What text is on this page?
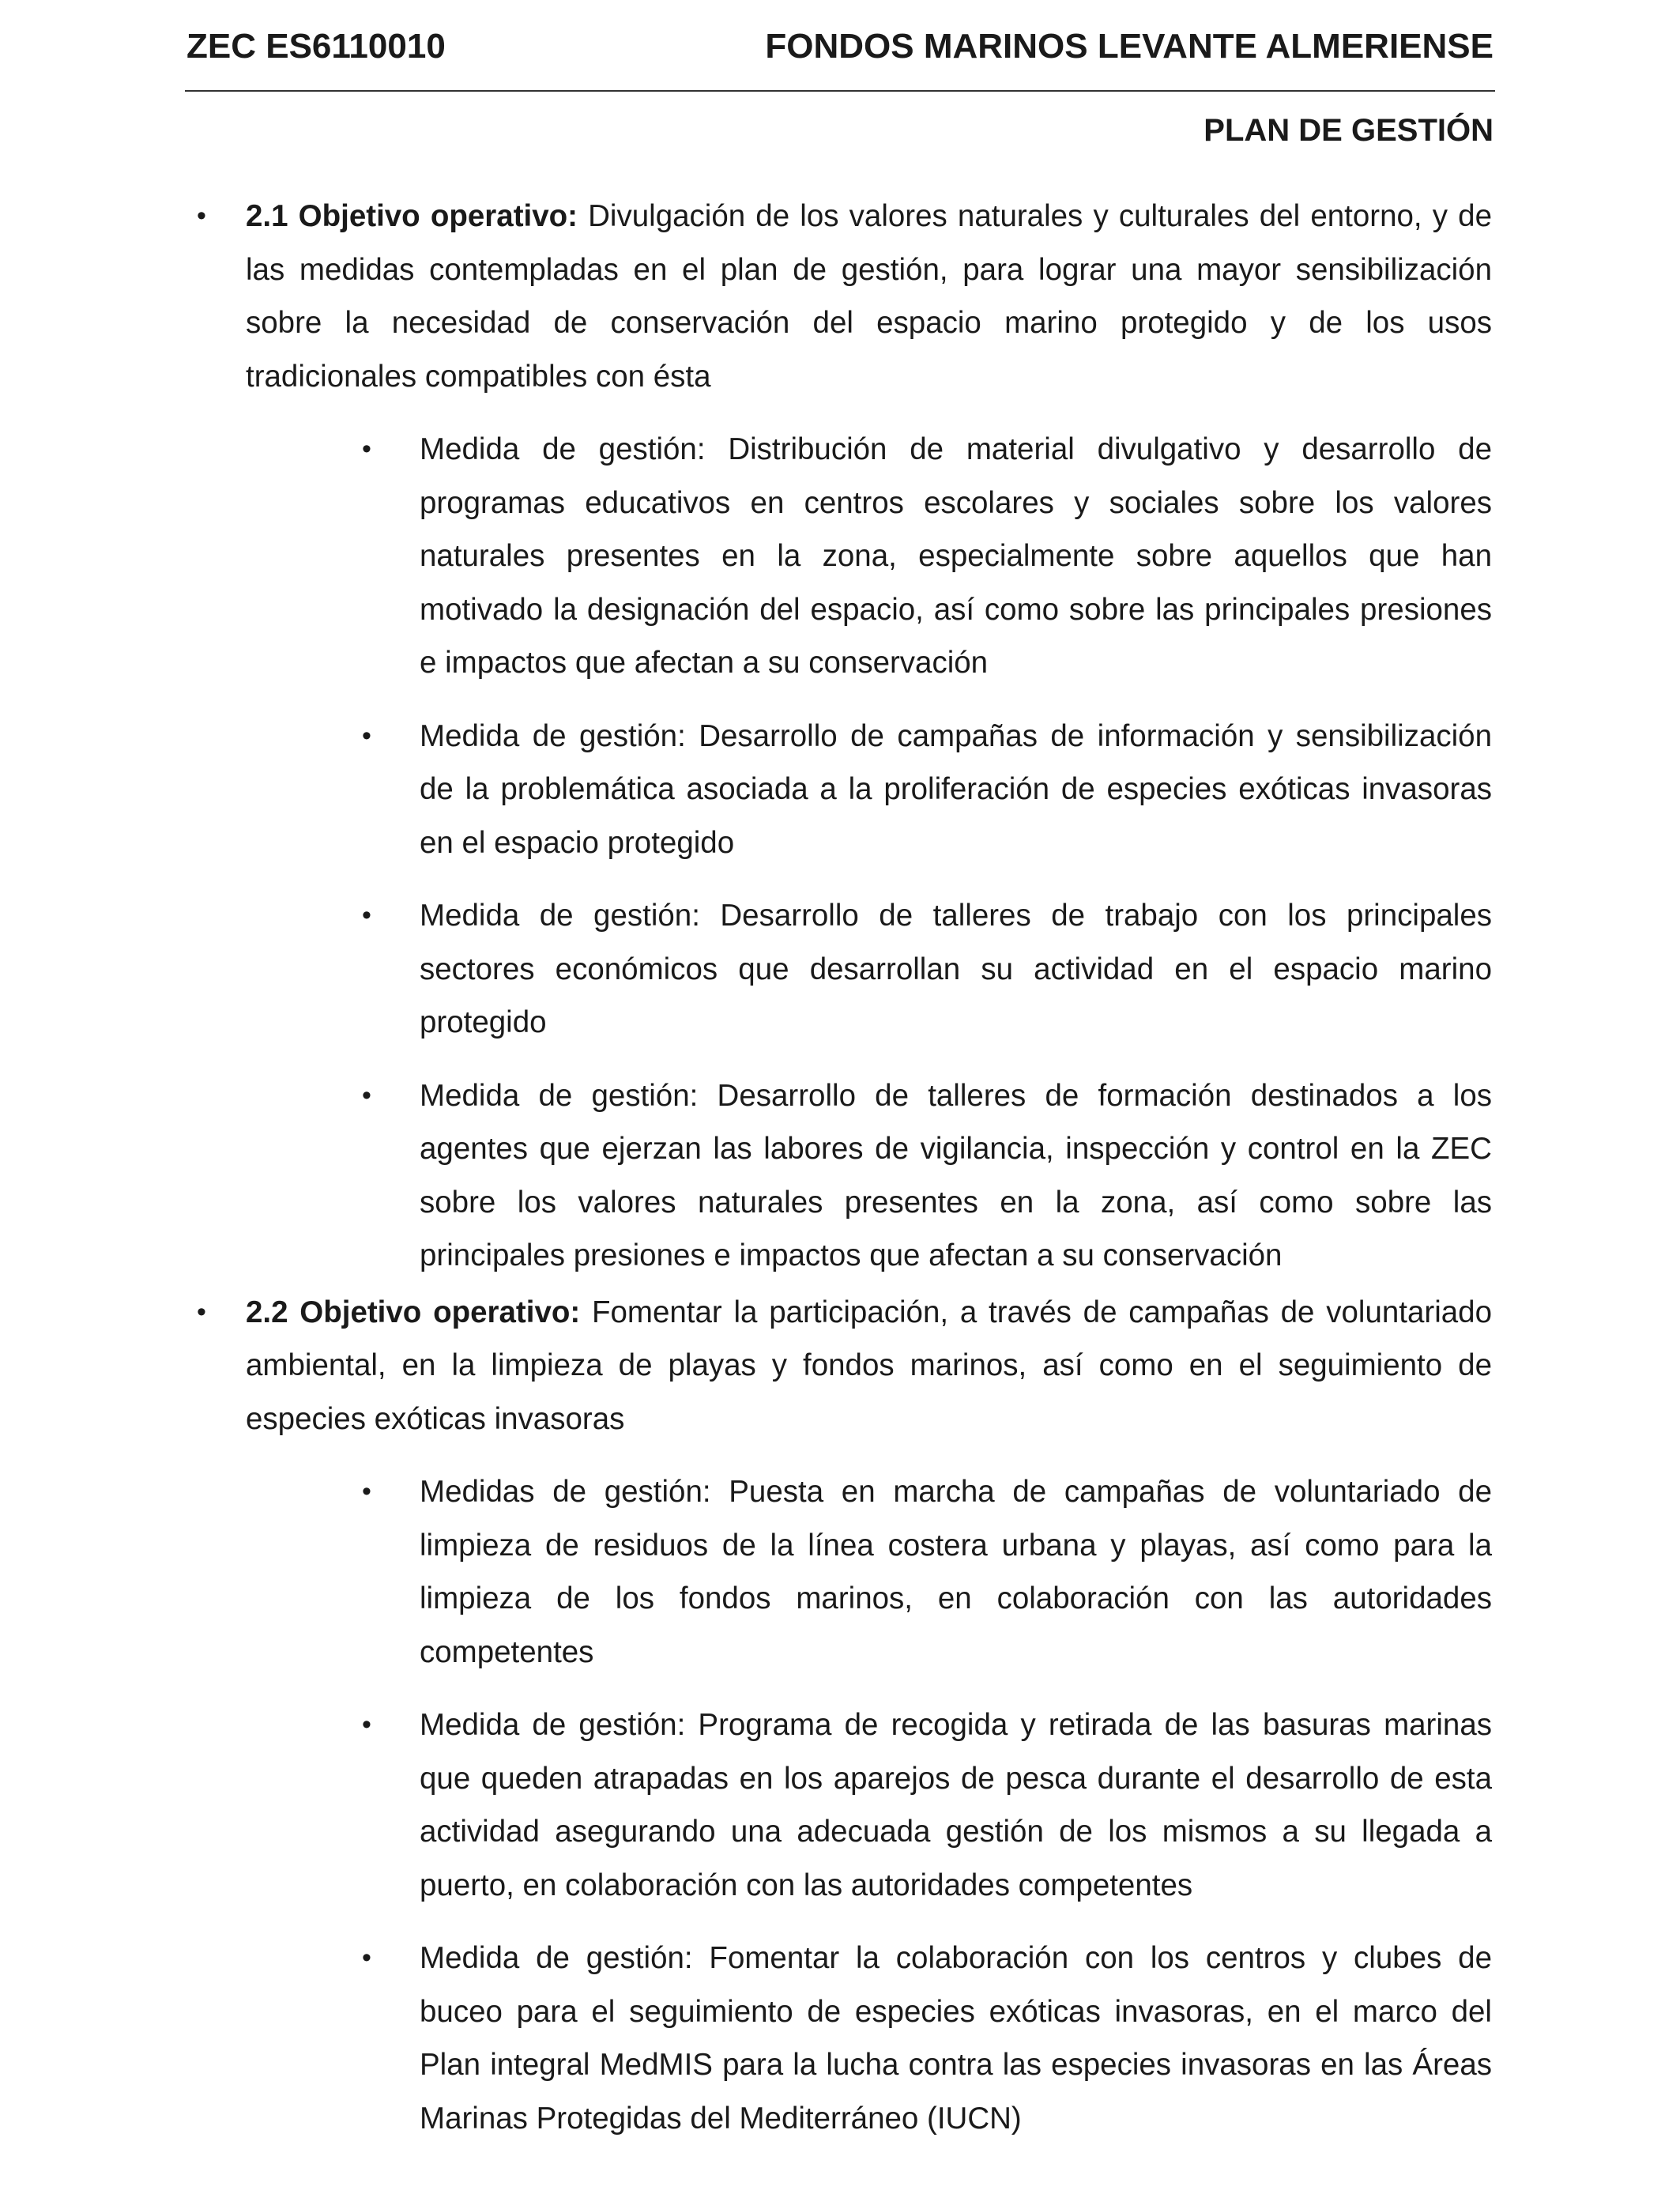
ZEC ES6110010	FONDOS MARINOS LEVANTE ALMERIENSE
PLAN DE GESTIÓN
• 2.1 Objetivo operativo: Divulgación de los valores naturales y culturales del entorno, y de las medidas contempladas en el plan de gestión, para lograr una mayor sensibilización sobre la necesidad de conservación del espacio marino protegido y de los usos tradicionales compatibles con ésta
• Medida de gestión: Distribución de material divulgativo y desarrollo de programas educativos en centros escolares y sociales sobre los valores naturales presentes en la zona, especialmente sobre aquellos que han motivado la designación del espacio, así como sobre las principales presiones e impactos que afectan a su conservación
• Medida de gestión: Desarrollo de campañas de información y sensibilización de la problemática asociada a la proliferación de especies exóticas invasoras en el espacio protegido
• Medida de gestión: Desarrollo de talleres de trabajo con los principales sectores económicos que desarrollan su actividad en el espacio marino protegido
• Medida de gestión: Desarrollo de talleres de formación destinados a los agentes que ejerzan las labores de vigilancia, inspección y control en la ZEC sobre los valores naturales presentes en la zona, así como sobre las principales presiones e impactos que afectan a su conservación
• 2.2 Objetivo operativo: Fomentar la participación, a través de campañas de voluntariado ambiental, en la limpieza de playas y fondos marinos, así como en el seguimiento de especies exóticas invasoras
• Medidas de gestión: Puesta en marcha de campañas de voluntariado de limpieza de residuos de la línea costera urbana y playas, así como para la limpieza de los fondos marinos, en colaboración con las autoridades competentes
• Medida de gestión: Programa de recogida y retirada de las basuras marinas que queden atrapadas en los aparejos de pesca durante el desarrollo de esta actividad asegurando una adecuada gestión de los mismos a su llegada a puerto, en colaboración con las autoridades competentes
• Medida de gestión: Fomentar la colaboración con los centros y clubes de buceo para el seguimiento de especies exóticas invasoras, en el marco del Plan integral MedMIS para la lucha contra las especies invasoras en las Áreas Marinas Protegidas del Mediterráneo (IUCN)
